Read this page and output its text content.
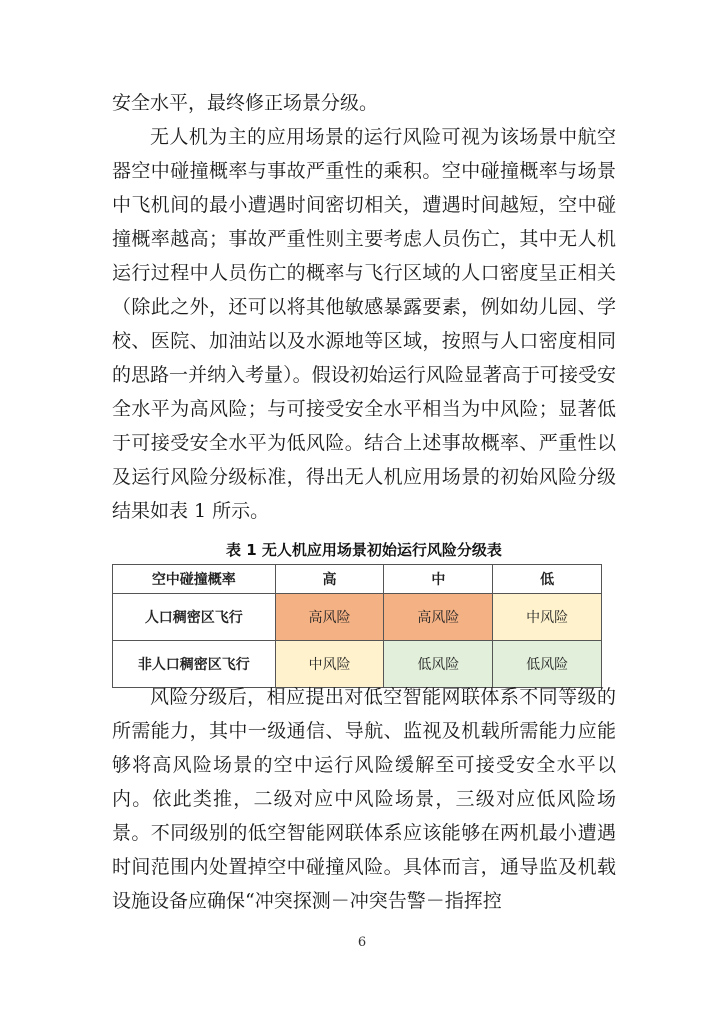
安全水平，最终修正场景分级。

无人机为主的应用场景的运行风险可视为该场景中航空器空中碰撞概率与事故严重性的乘积。空中碰撞概率与场景中飞机间的最小遭遇时间密切相关，遭遇时间越短，空中碰撞概率越高；事故严重性则主要考虑人员伤亡，其中无人机运行过程中人员伤亡的概率与飞行区域的人口密度呈正相关（除此之外，还可以将其他敏感暴露要素，例如幼儿园、学校、医院、加油站以及水源地等区域，按照与人口密度相同的思路一并纳入考量）。假设初始运行风险显著高于可接受安全水平为高风险；与可接受安全水平相当为中风险；显著低于可接受安全水平为低风险。结合上述事故概率、严重性以及运行风险分级标准，得出无人机应用场景的初始风险分级结果如表 1 所示。

表 1 无人机应用场景初始运行风险分级表

空中碰撞概率	高	中	低
人口稠密区飞行	高风险	高风险	中风险
非人口稠密区飞行	中风险	低风险	低风险

风险分级后，相应提出对低空智能网联体系不同等级的所需能力，其中一级通信、导航、监视及机载所需能力应能够将高风险场景的空中运行风险缓解至可接受安全水平以内。依此类推，二级对应中风险场景，三级对应低风险场景。不同级别的低空智能网联体系应该能够在两机最小遭遇时间范围内处置掉空中碰撞风险。具体而言，通导监及机载设施设备应确保“冲突探测－冲突告警－指挥控

6
